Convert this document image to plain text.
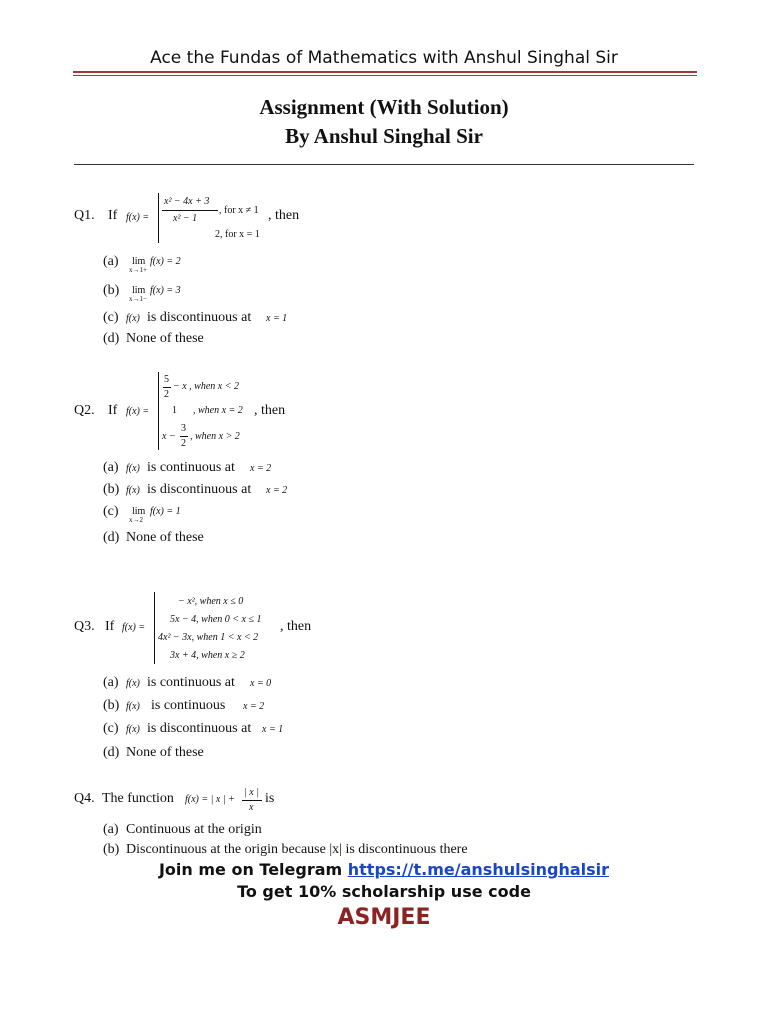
Ace the Fundas of Mathematics with Anshul Singhal Sir
Assignment (With Solution)
By Anshul Singhal Sir
Q1. If f(x) =
x² − 4x + 3
x² − 1
, for x ≠ 1
2, for x = 1
, then
(a) lim
x→1+
f(x) = 2
(b) lim
x→1−
f(x) = 3
(c) f(x) is discontinuous at x = 1
(d) None of these
Q2. If f(x) =
5
2
− x , when x < 2
1 , when x = 2
x −
3
2
, when x > 2
, then
(a) f(x) is continuous at x = 2
(b) f(x) is discontinuous at x = 2
(c) lim
x→2
f(x) = 1
(d) None of these
Q3. If f(x) =
− x², when x ≤ 0
5x − 4, when 0 < x ≤ 1
4x² − 3x, when 1 < x < 2
3x + 4, when x ≥ 2
, then
(a) f(x) is continuous at x = 0
(b) f(x) is continuous x = 2
(c) f(x) is discontinuous at x = 1
(d) None of these
Q4. The function f(x) = | x | +
| x |
x
is
(a) Continuous at the origin
(b) Discontinuous at the origin because |x| is discontinuous there
Join me on Telegram https://t.me/anshulsinghalsir
To get 10% scholarship use code
ASMJEE
